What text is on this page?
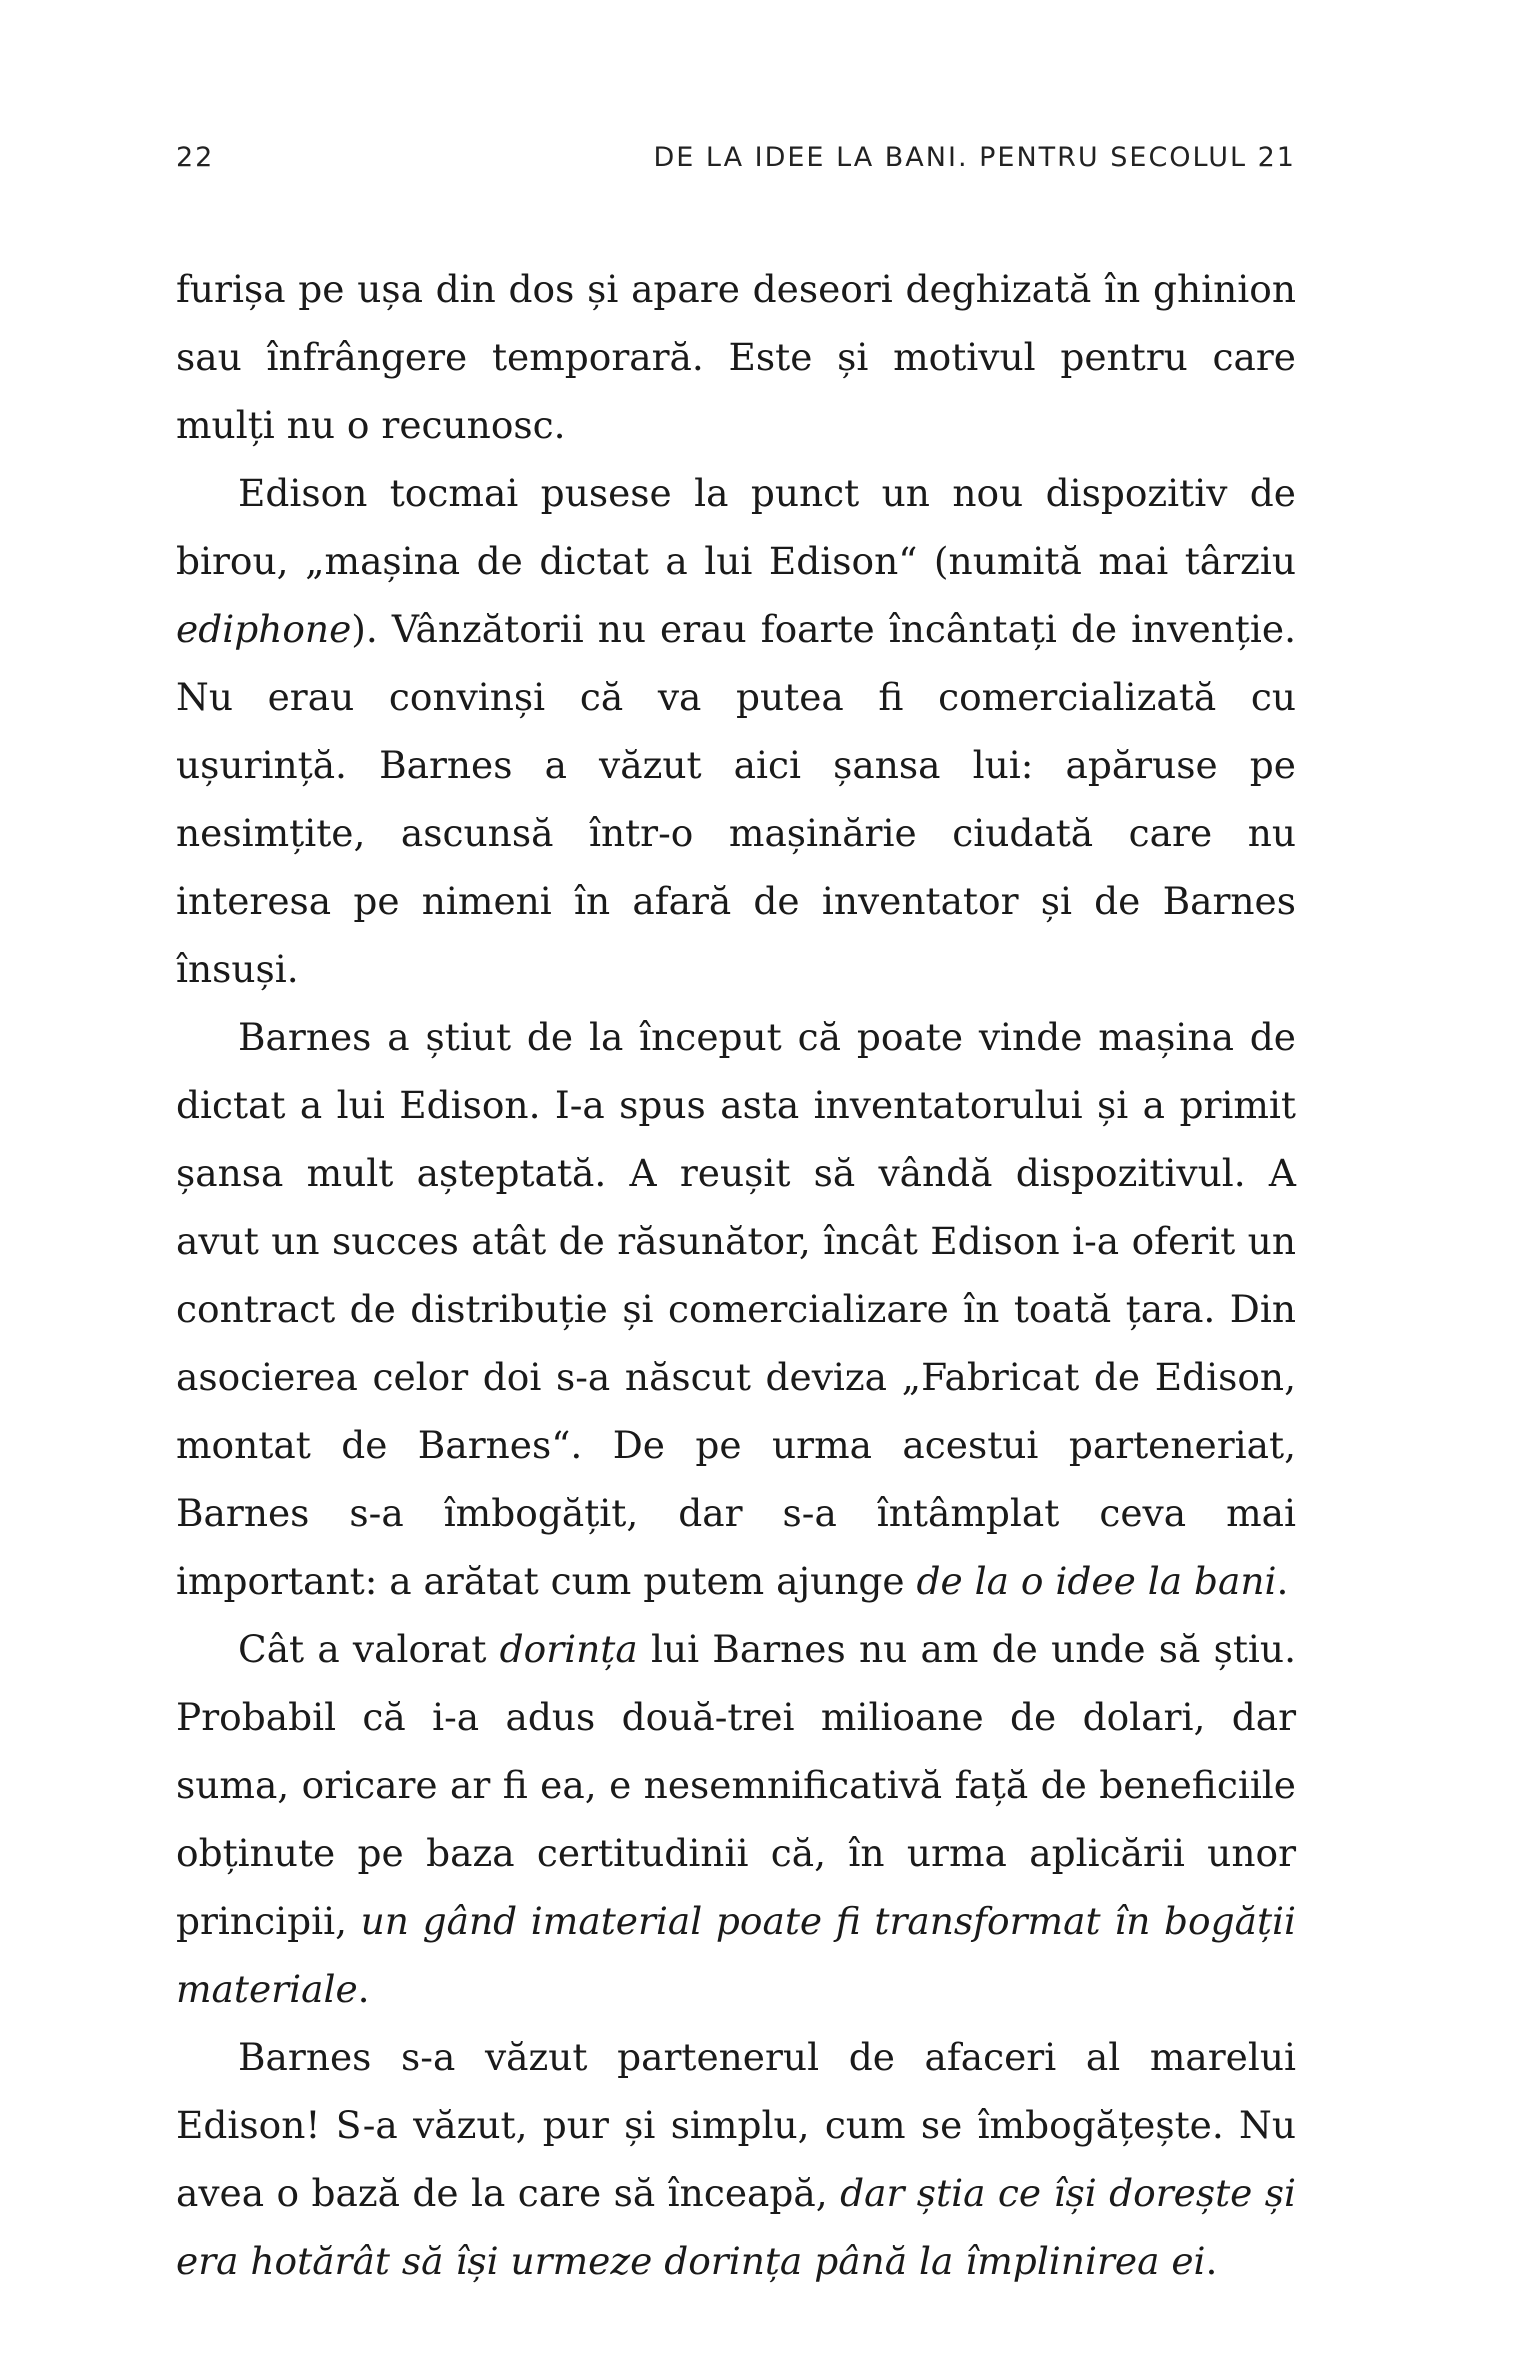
22	DE LA IDEE LA BANI. PENTRU SECOLUL 21

furișa pe ușa din dos și apare deseori deghizată în ghinion sau înfrângere temporară. Este și motivul pentru care mulți nu o recunosc.

Edison tocmai pusese la punct un nou dispozitiv de birou, „mașina de dictat a lui Edison“ (numită mai târziu ediphone). Vânzătorii nu erau foarte încântați de invenție. Nu erau convinși că va putea fi comercializată cu ușurință. Barnes a văzut aici șansa lui: apăruse pe nesimțite, ascunsă într-o mașinărie ciudată care nu interesa pe nimeni în afară de inventator și de Barnes însuși.

Barnes a știut de la început că poate vinde mașina de dictat a lui Edison. I-a spus asta inventatorului și a primit șansa mult așteptată. A reușit să vândă dispozitivul. A avut un succes atât de răsunător, încât Edison i-a oferit un contract de distribuție și comercializare în toată țara. Din asocierea celor doi s-a născut deviza „Fabricat de Edison, montat de Barnes“. De pe urma acestui parteneriat, Barnes s-a îmbogățit, dar s-a întâmplat ceva mai important: a arătat cum putem ajunge de la o idee la bani.

Cât a valorat dorința lui Barnes nu am de unde să știu. Probabil că i-a adus două-trei milioane de dolari, dar suma, oricare ar fi ea, e nesemnificativă față de beneficiile obținute pe baza certitudinii că, în urma aplicării unor principii, un gând imaterial poate fi transformat în bogății materiale.

Barnes s-a văzut partenerul de afaceri al marelui Edison! S-a văzut, pur și simplu, cum se îmbogățește. Nu avea o bază de la care să înceapă, dar știa ce își dorește și era hotărât să își urmeze dorința până la împlinirea ei.
